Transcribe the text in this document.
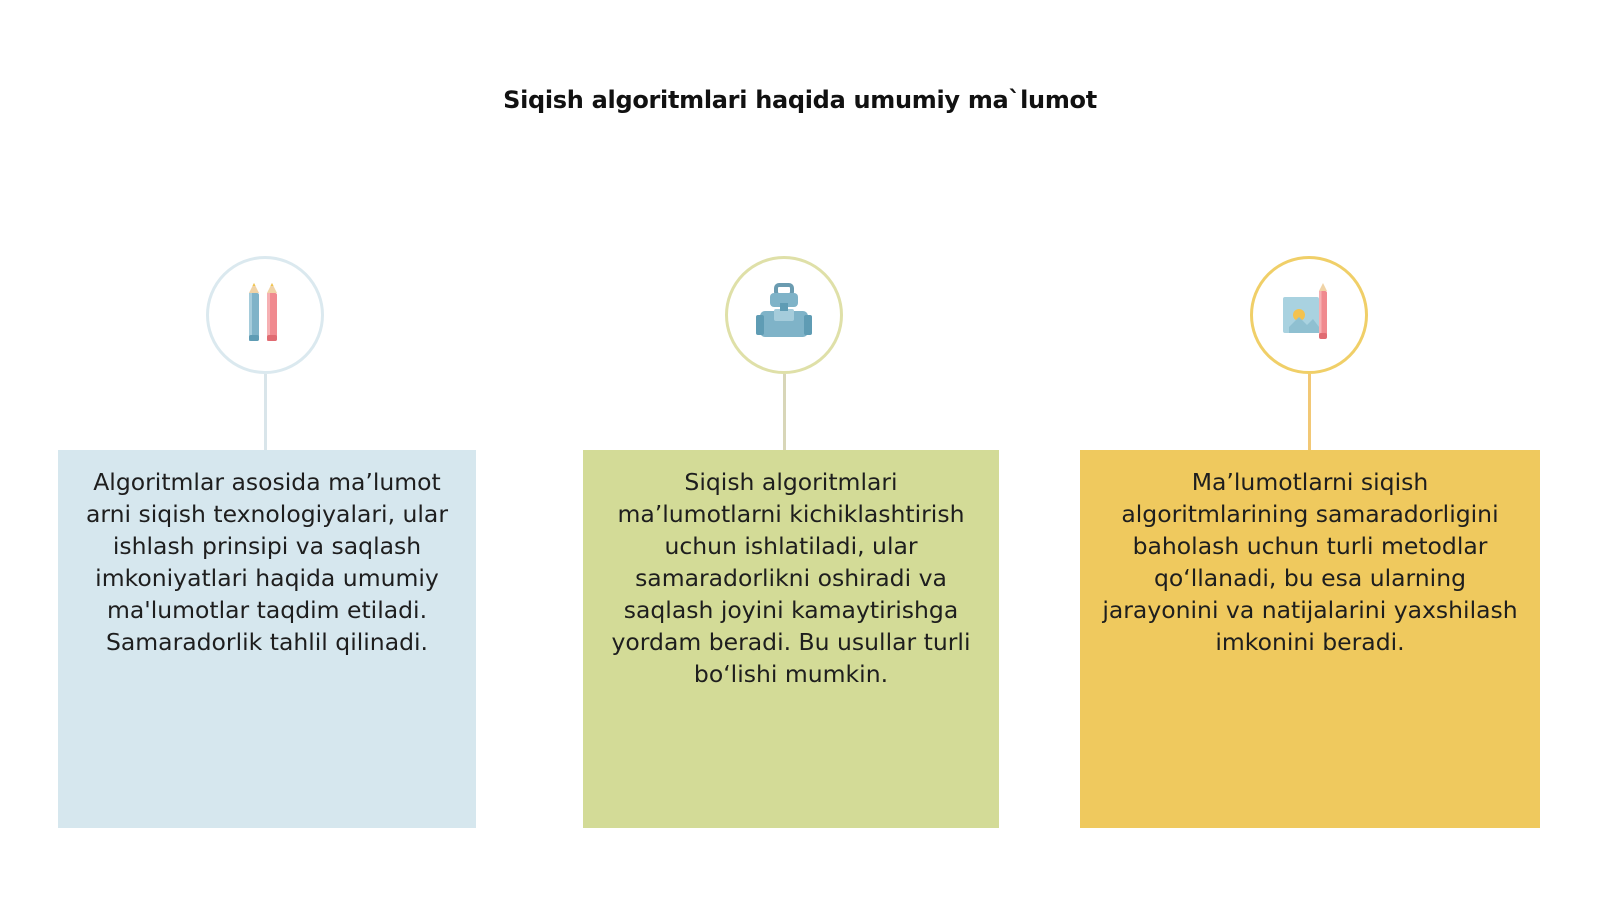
Siqish algoritmlari haqida umumiy ma`lumot

Algoritmlar asosida ma’lumot arni siqish texnologiyalari, ular ishlash prinsipi va saqlash imkoniyatlari haqida umumiy ma'lumotlar taqdim etiladi. Samaradorlik tahlil qilinadi.

Siqish algoritmlari ma’lumotlarni kichiklashtirish uchun ishlatiladi, ular samaradorlikni oshiradi va saqlash joyini kamaytirishga yordam beradi. Bu usullar turli bo‘lishi mumkin.

Ma’lumotlarni siqish algoritmlarining samaradorligini baholash uchun turli metodlar qo‘llanadi, bu esa ularning jarayonini va natijalarini yaxshilash imkonini beradi.
